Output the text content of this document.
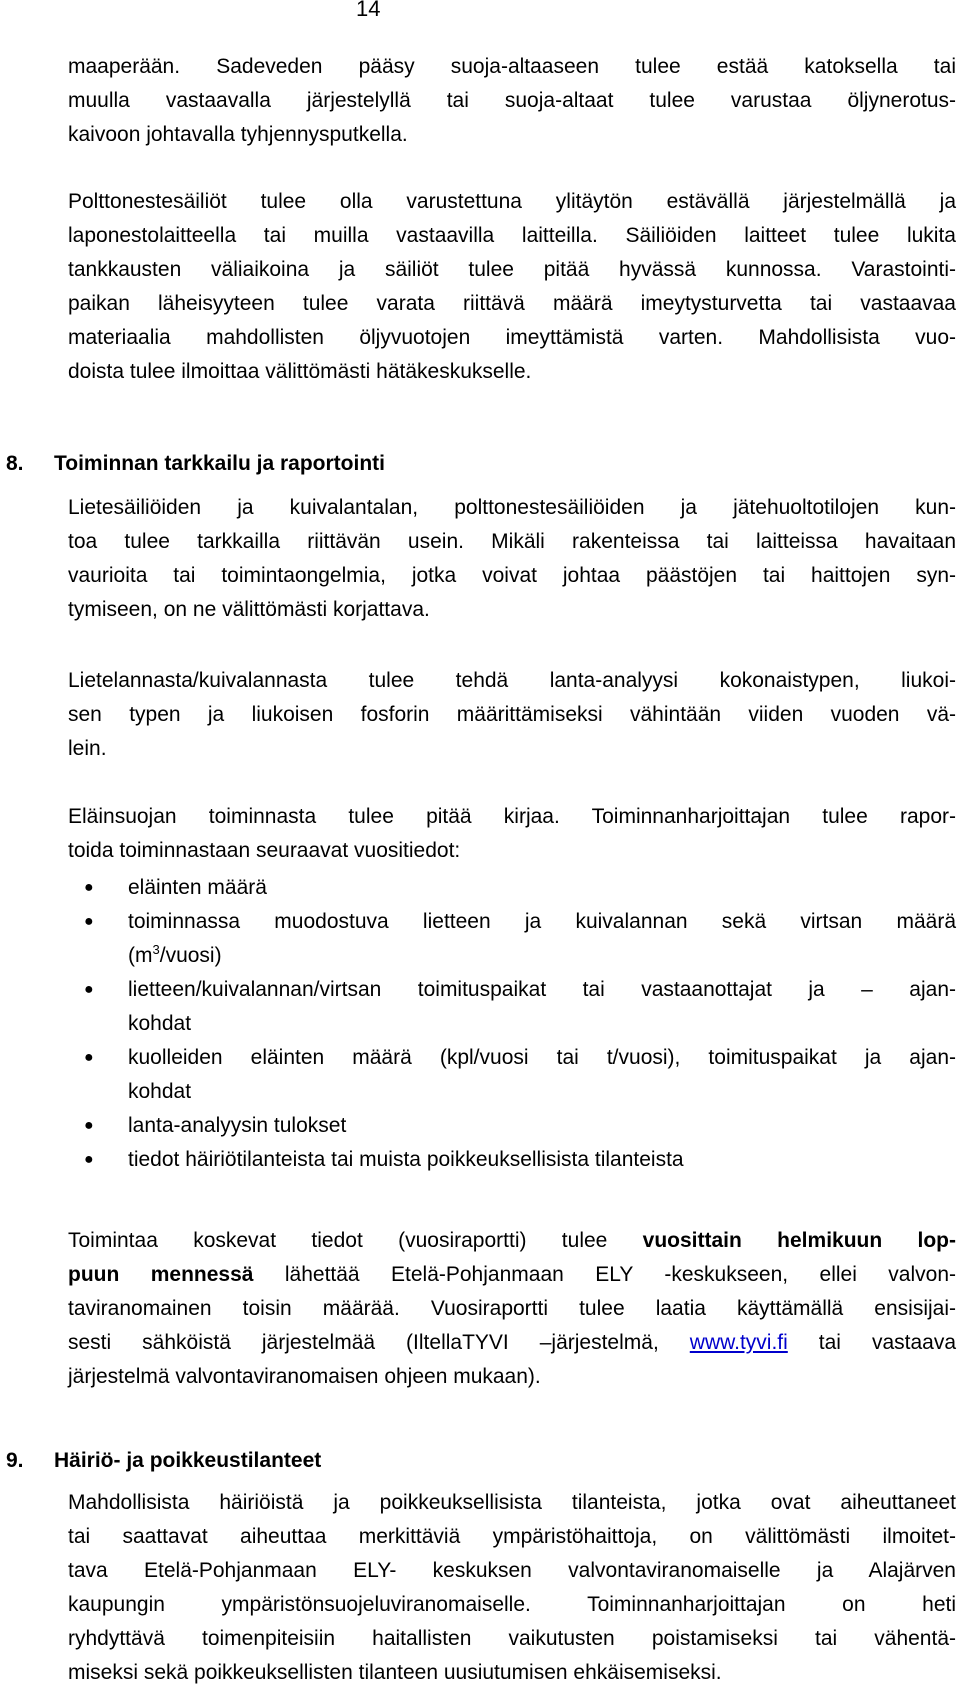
14
maaperään. Sadeveden pääsy suoja-altaaseen tulee estää katoksella tai
muulla vastaavalla järjestelyllä tai suoja-altaat tulee varustaa öljynerotus-
kaivoon johtavalla tyhjennysputkella.
Polttonestesäiliöt tulee olla varustettuna ylitäytön estävällä järjestelmällä ja
laponestolaitteella tai muilla vastaavilla laitteilla. Säiliöiden laitteet tulee lukita
tankkausten väliaikoina ja säiliöt tulee pitää hyvässä kunnossa. Varastointi-
paikan läheisyyteen tulee varata riittävä määrä imeytysturvetta tai vastaavaa
materiaalia mahdollisten öljyvuotojen imeyttämistä varten. Mahdollisista vuo-
doista tulee ilmoittaa välittömästi hätäkeskukselle.
8. Toiminnan tarkkailu ja raportointi
Lietesäiliöiden ja kuivalantalan, polttonestesäiliöiden ja jätehuoltotilojen kun-
toa tulee tarkkailla riittävän usein. Mikäli rakenteissa tai laitteissa havaitaan
vaurioita tai toimintaongelmia, jotka voivat johtaa päästöjen tai haittojen syn-
tymiseen, on ne välittömästi korjattava.
Lietelannasta/kuivalannasta tulee tehdä lanta-analyysi kokonaistypen, liukoi-
sen typen ja liukoisen fosforin määrittämiseksi vähintään viiden vuoden vä-
lein.
Eläinsuojan toiminnasta tulee pitää kirjaa. Toiminnanharjoittajan tulee rapor-
toida toiminnastaan seuraavat vuositiedot:
● eläinten määrä
● toiminnassa muodostuva lietteen ja kuivalannan sekä virtsan määrä
$(m^3/vuosi)$
● lietteen/kuivalannan/virtsan toimituspaikat tai vastaanottajat ja – ajan-
kohdat
● kuolleiden eläinten määrä (kpl/vuosi tai t/vuosi), toimituspaikat ja ajan-
kohdat
● lanta-analyysin tulokset
● tiedot häiriötilanteista tai muista poikkeuksellisista tilanteista
Toimintaa koskevat tiedot (vuosiraportti) tulee vuosittain helmikuun lop-
puun mennessä lähettää Etelä-Pohjanmaan ELY -keskukseen, ellei valvon-
taviranomainen toisin määrää. Vuosiraportti tulee laatia käyttämällä ensisijai-
sesti sähköistä järjestelmää (IltellaTYVI –järjestelmä, www.tyvi.fi tai vastaava
järjestelmä valvontaviranomaisen ohjeen mukaan).
9. Häiriö- ja poikkeustilanteet
Mahdollisista häiriöistä ja poikkeuksellisista tilanteista, jotka ovat aiheuttaneet
tai saattavat aiheuttaa merkittäviä ympäristöhaittoja, on välittömästi ilmoitet-
tava Etelä-Pohjanmaan ELY- keskuksen valvontaviranomaiselle ja Alajärven
kaupungin ympäristönsuojeluviranomaiselle. Toiminnanharjoittajan on heti
ryhdyttävä toimenpiteisiin haitallisten vaikutusten poistamiseksi tai vähentä-
miseksi sekä poikkeuksellisten tilanteen uusiutumisen ehkäisemiseksi.
